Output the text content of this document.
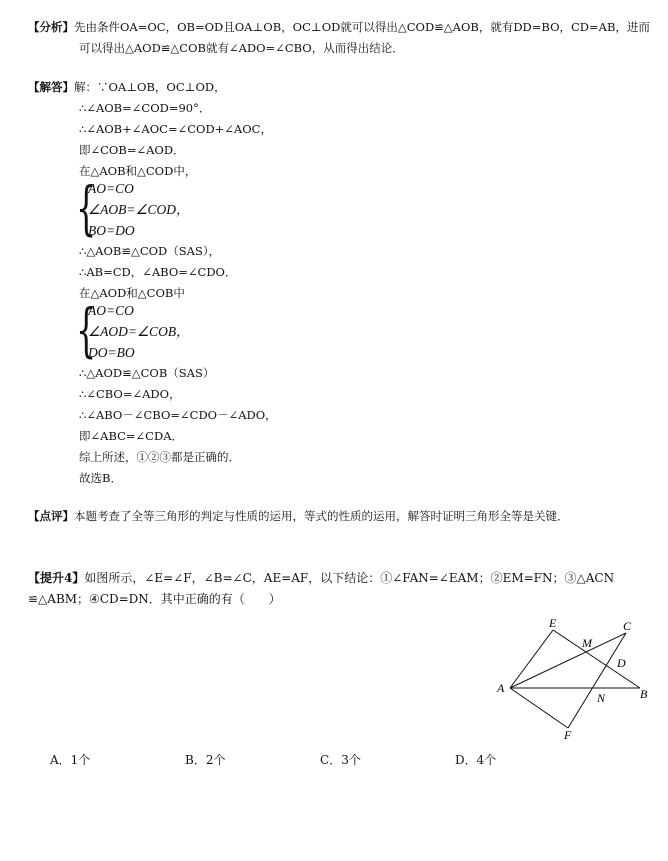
【分析】先由条件OA=OC，OB=OD且OA⊥OB，OC⊥OD就可以得出△COD≌△AOB，就有DD=BO，CD=AB，进而
可以得出△AOD≌△COB就有∠ADO=∠CBO，从而得出结论．
【解答】解：∵OA⊥OB，OC⊥OD，
∴∠AOB=∠COD=90°．
∴∠AOB+∠AOC=∠COD+∠AOC，
即∠COB=∠AOD．
在△AOB和△COD中，
{
AO=CO
∠AOB=∠COD，
BO=DO
∴△AOB≌△COD（SAS），
∴AB=CD，∠ABO=∠CDO．
在△AOD和△COB中
{
AO=CO
∠AOD=∠COB，
DO=BO
∴△AOD≌△COB（SAS）
∴∠CBO=∠ADO，
∴∠ABO－∠CBO=∠CDO－∠ADO，
即∠ABC=∠CDA．
综上所述，①②③都是正确的．
故选B．
【点评】本题考查了全等三角形的判定与性质的运用，等式的性质的运用，解答时证明三角形全等是关键．
【提升4】如图所示，∠E=∠F，∠B=∠C，AE=AF，以下结论：①∠FAN=∠EAM；②EM=FN；③△ACN
≌△ABM；④CD=DN．其中正确的有（　　）
A	B
C
D
E
F
M
N
A．1个	B．2个	C．3个	D．4个
